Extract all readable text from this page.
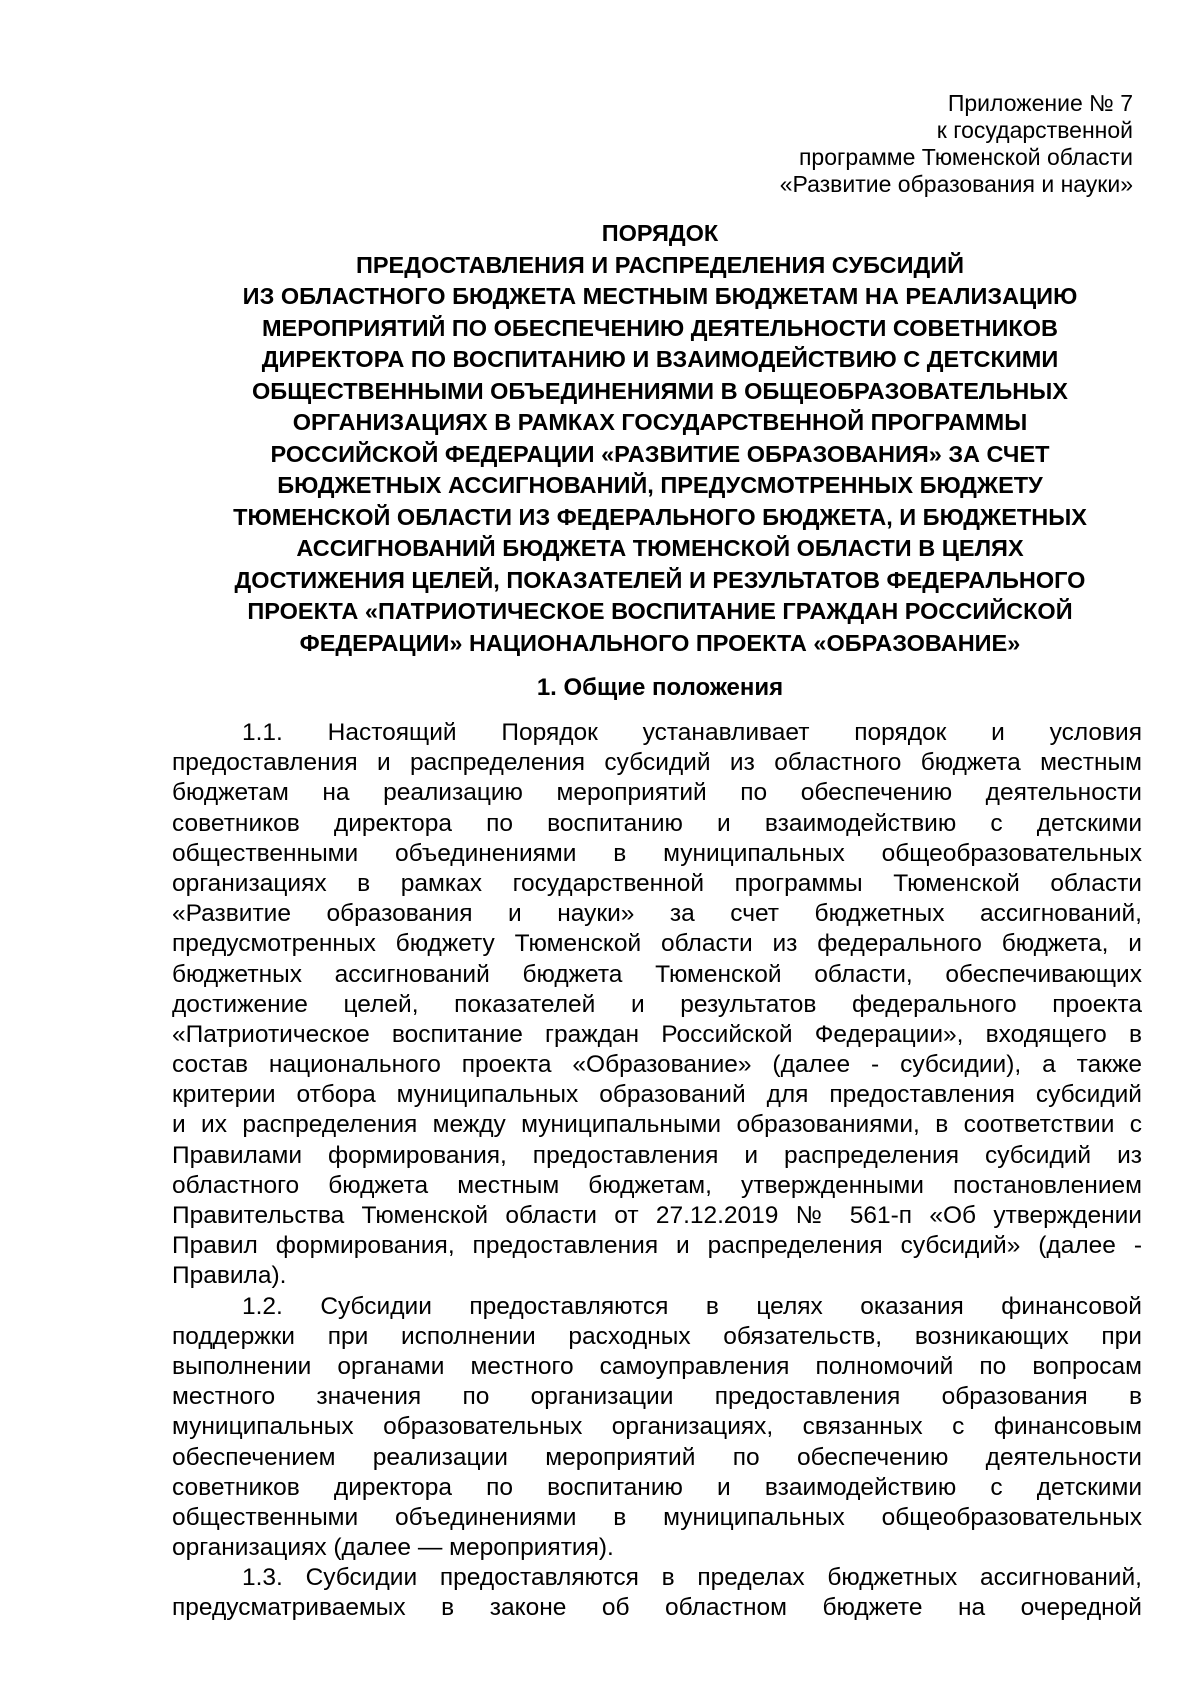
Приложение № 7
к государственной
программе Тюменской области
«Развитие образования и науки»
ПОРЯДОК
ПРЕДОСТАВЛЕНИЯ И РАСПРЕДЕЛЕНИЯ СУБСИДИЙ
ИЗ ОБЛАСТНОГО БЮДЖЕТА МЕСТНЫМ БЮДЖЕТАМ НА РЕАЛИЗАЦИЮ
МЕРОПРИЯТИЙ ПО ОБЕСПЕЧЕНИЮ ДЕЯТЕЛЬНОСТИ СОВЕТНИКОВ
ДИРЕКТОРА ПО ВОСПИТАНИЮ И ВЗАИМОДЕЙСТВИЮ С ДЕТСКИМИ
ОБЩЕСТВЕННЫМИ ОБЪЕДИНЕНИЯМИ В ОБЩЕОБРАЗОВАТЕЛЬНЫХ
ОРГАНИЗАЦИЯХ В РАМКАХ ГОСУДАРСТВЕННОЙ ПРОГРАММЫ
РОССИЙСКОЙ ФЕДЕРАЦИИ «РАЗВИТИЕ ОБРАЗОВАНИЯ» ЗА СЧЕТ
БЮДЖЕТНЫХ АССИГНОВАНИЙ, ПРЕДУСМОТРЕННЫХ БЮДЖЕТУ
ТЮМЕНСКОЙ ОБЛАСТИ ИЗ ФЕДЕРАЛЬНОГО БЮДЖЕТА, И БЮДЖЕТНЫХ
АССИГНОВАНИЙ БЮДЖЕТА ТЮМЕНСКОЙ ОБЛАСТИ В ЦЕЛЯХ
ДОСТИЖЕНИЯ ЦЕЛЕЙ, ПОКАЗАТЕЛЕЙ И РЕЗУЛЬТАТОВ ФЕДЕРАЛЬНОГО
ПРОЕКТА «ПАТРИОТИЧЕСКОЕ ВОСПИТАНИЕ ГРАЖДАН РОССИЙСКОЙ
ФЕДЕРАЦИИ» НАЦИОНАЛЬНОГО ПРОЕКТА «ОБРАЗОВАНИЕ»
1. Общие положения
1.1. Настоящий Порядок устанавливает порядок и условия
предоставления и распределения субсидий из областного бюджета местным
бюджетам на реализацию мероприятий по обеспечению деятельности
советников директора по воспитанию и взаимодействию с детскими
общественными объединениями в муниципальных общеобразовательных
организациях в рамках государственной программы Тюменской области
«Развитие образования и науки» за счет бюджетных ассигнований,
предусмотренных бюджету Тюменской области из федерального бюджета, и
бюджетных ассигнований бюджета Тюменской области, обеспечивающих
достижение целей, показателей и результатов федерального проекта
«Патриотическое воспитание граждан Российской Федерации», входящего в
состав национального проекта «Образование» (далее - субсидии), а также
критерии отбора муниципальных образований для предоставления субсидий
и их распределения между муниципальными образованиями, в соответствии с
Правилами формирования, предоставления и распределения субсидий из
областного бюджета местным бюджетам, утвержденными постановлением
Правительства Тюменской области от 27.12.2019 № 561-п «Об утверждении
Правил формирования, предоставления и распределения субсидий» (далее -
Правила).
1.2. Субсидии предоставляются в целях оказания финансовой
поддержки при исполнении расходных обязательств, возникающих при
выполнении органами местного самоуправления полномочий по вопросам
местного значения по организации предоставления образования в
муниципальных образовательных организациях, связанных с финансовым
обеспечением реализации мероприятий по обеспечению деятельности
советников директора по воспитанию и взаимодействию с детскими
общественными объединениями в муниципальных общеобразовательных
организациях (далее — мероприятия).
1.3. Субсидии предоставляются в пределах бюджетных ассигнований,
предусматриваемых в законе об областном бюджете на очередной
